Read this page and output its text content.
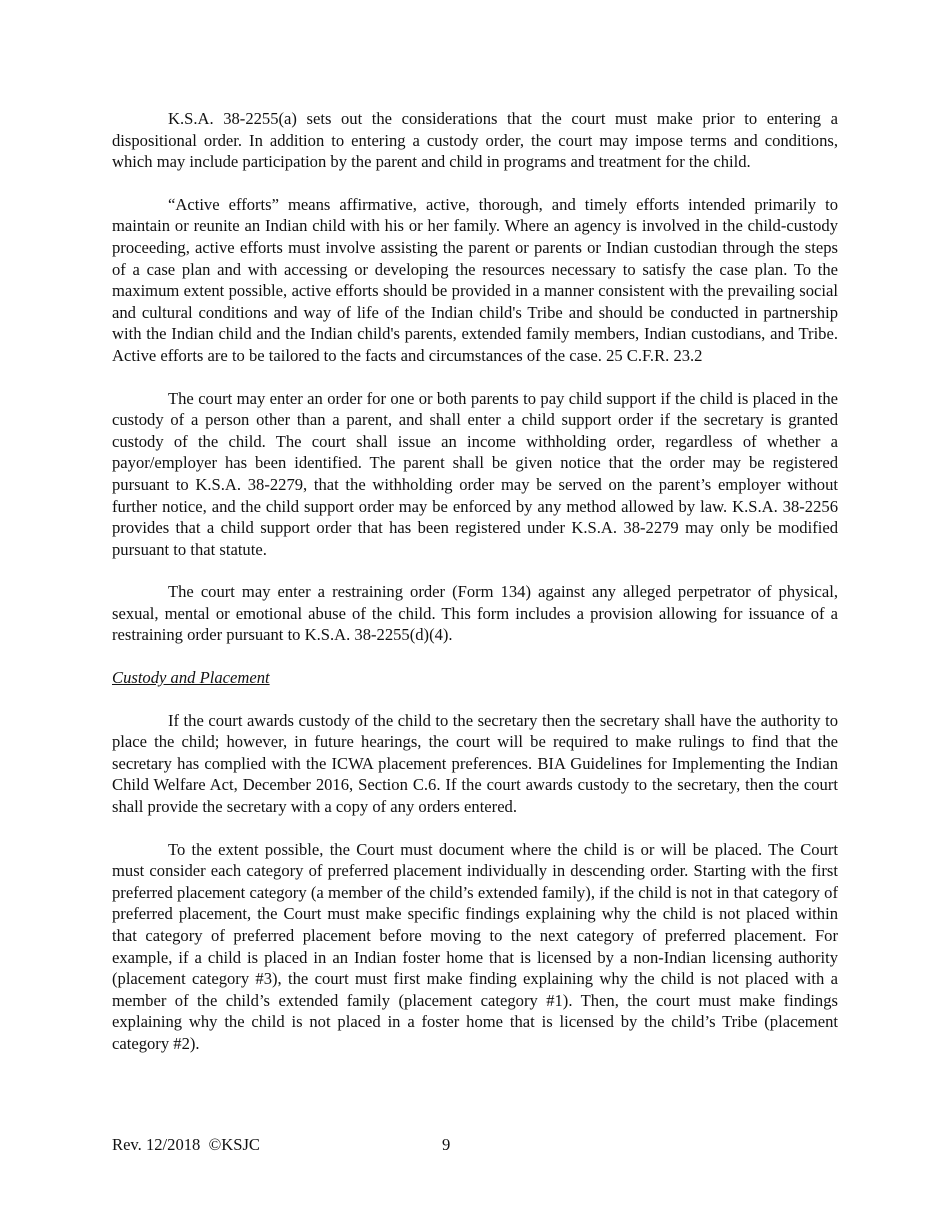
K.S.A. 38-2255(a) sets out the considerations that the court must make prior to entering a dispositional order. In addition to entering a custody order, the court may impose terms and conditions, which may include participation by the parent and child in programs and treatment for the child.

“Active efforts” means affirmative, active, thorough, and timely efforts intended primarily to maintain or reunite an Indian child with his or her family. Where an agency is involved in the child-custody proceeding, active efforts must involve assisting the parent or parents or Indian custodian through the steps of a case plan and with accessing or developing the resources necessary to satisfy the case plan. To the maximum extent possible, active efforts should be provided in a manner consistent with the prevailing social and cultural conditions and way of life of the Indian child's Tribe and should be conducted in partnership with the Indian child and the Indian child's parents, extended family members, Indian custodians, and Tribe. Active efforts are to be tailored to the facts and circumstances of the case. 25 C.F.R. 23.2

The court may enter an order for one or both parents to pay child support if the child is placed in the custody of a person other than a parent, and shall enter a child support order if the secretary is granted custody of the child. The court shall issue an income withholding order, regardless of whether a payor/employer has been identified. The parent shall be given notice that the order may be registered pursuant to K.S.A. 38-2279, that the withholding order may be served on the parent’s employer without further notice, and the child support order may be enforced by any method allowed by law. K.S.A. 38-2256 provides that a child support order that has been registered under K.S.A. 38-2279 may only be modified pursuant to that statute.

The court may enter a restraining order (Form 134) against any alleged perpetrator of physical, sexual, mental or emotional abuse of the child. This form includes a provision allowing for issuance of a restraining order pursuant to K.S.A. 38-2255(d)(4).

Custody and Placement

If the court awards custody of the child to the secretary then the secretary shall have the authority to place the child; however, in future hearings, the court will be required to make rulings to find that the secretary has complied with the ICWA placement preferences. BIA Guidelines for Implementing the Indian Child Welfare Act, December 2016, Section C.6. If the court awards custody to the secretary, then the court shall provide the secretary with a copy of any orders entered.

To the extent possible, the Court must document where the child is or will be placed. The Court must consider each category of preferred placement individually in descending order. Starting with the first preferred placement category (a member of the child’s extended family), if the child is not in that category of preferred placement, the Court must make specific findings explaining why the child is not placed within that category of preferred placement before moving to the next category of preferred placement. For example, if a child is placed in an Indian foster home that is licensed by a non-Indian licensing authority (placement category #3), the court must first make finding explaining why the child is not placed with a member of the child’s extended family (placement category #1). Then, the court must make findings explaining why the child is not placed in a foster home that is licensed by the child’s Tribe (placement category #2).

Rev. 12/2018  ©KSJC	9
